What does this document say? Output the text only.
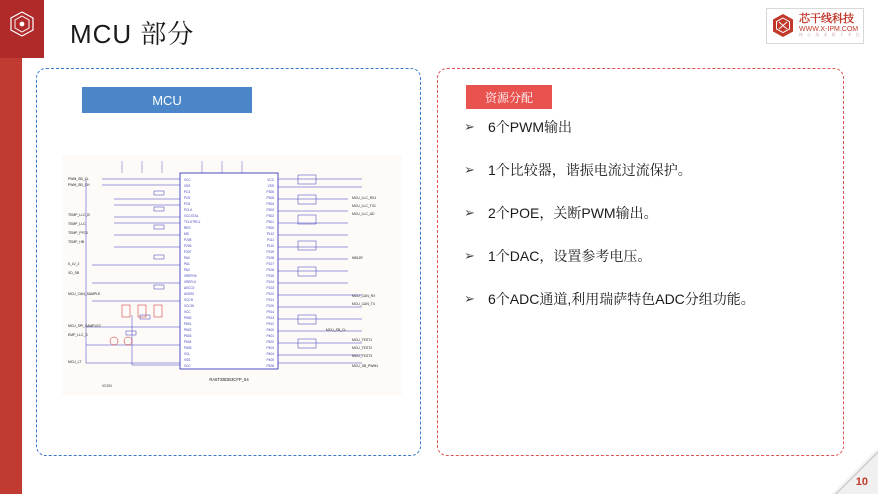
MCU 部分	芯干线科技
WWW.X-IPM.COM
核 心 技 术 源 于 专 注
MCU
RA6T2BDB3CFP_64
VCC
VSS
PC4
PC5
PC6
PCLK
VCCXTAL
TCLKTRCL
RES
MD
P205
P206
P207
PA0
PA1
PA2
VREFH0
VREFL0
AVCC0
AVSS0
VCCH
VCCIN
VCC
P600
P601
P602
P603
P604
P605
VCL
VSS
VCC
VCC
VSS
P306
P305
P304
P303
P302
P301
P300
P112
P111
P110
P109
P108
P107
P106
P105
P104
P103
P102
P101
P100
P914
P913
P912
P400
P401
P402
P403
P404
P405
P406
PWM_SB_CL
PWM_SB_CH
TEMP_LLC_B
TEMP_LLC
TEMP_PFC0
TEMP_HB
5_LV_2
VD_SB
MCU_CAN_SAMPLE
MCU_SPI_SAMPLE2
EMP_LLC_S
MCU_LT
VCCN
MCU_LLC_RX1
MCU_LLC_TX1
MCU_LLC_AD
NB11R
MCU_CAN_RX
MCU_CAN_TX
MCU_SB_CL
MCU_TEST1
MCU_TEST2
MCU_TEST3
MCU_SB_PWM1
资源分配
➢ 6个PWM输出
➢ 1个比较器，谐振电流过流保护。
➢ 2个POE，关断PWM输出。
➢ 1个DAC，设置参考电压。
➢ 6个ADC通道,利用瑞萨特色ADC分组功能。
10
